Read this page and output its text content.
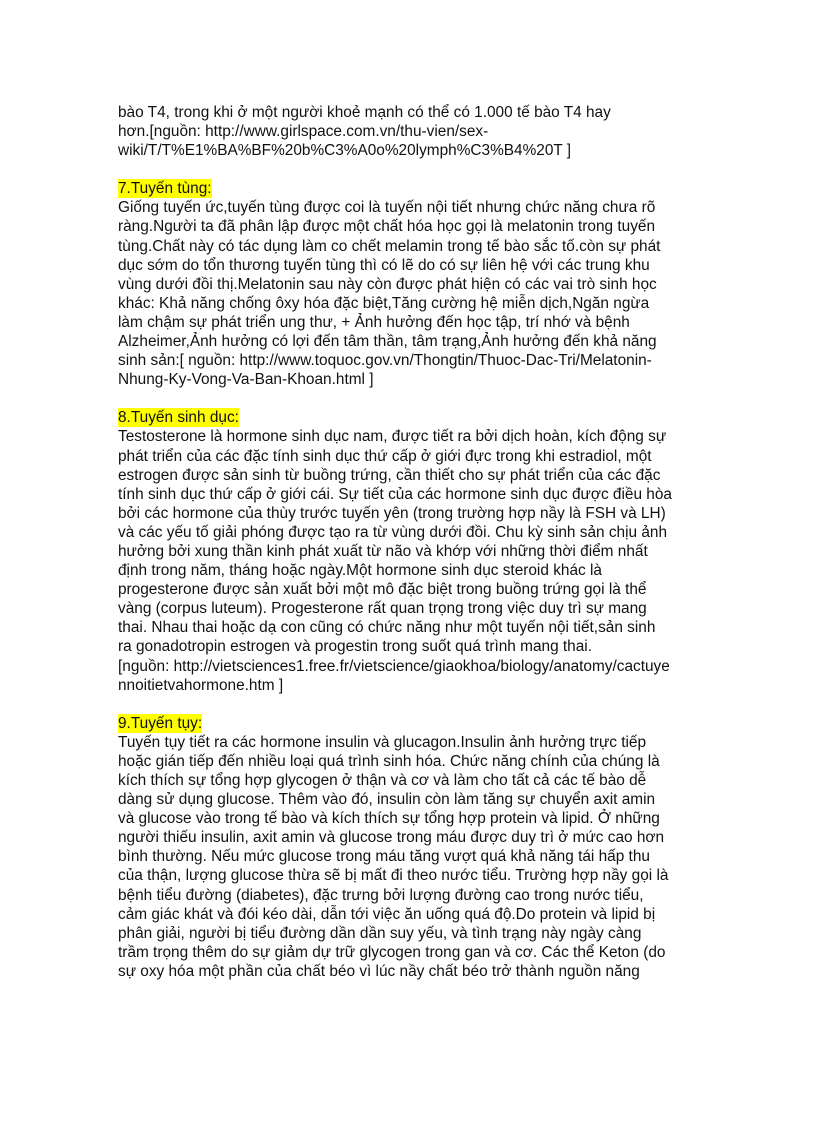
bào T4, trong khi ở một người khoẻ mạnh có thể có 1.000 tế bào T4 hay
hơn.[nguồn: http://www.girlspace.com.vn/thu-vien/sex-
wiki/T/T%E1%BA%BF%20b%C3%A0o%20lymph%C3%B4%20T ]
7.Tuyến tùng:
Giống tuyến ức,tuyến tùng được coi là tuyến nội tiết nhưng chức năng chưa rõ
ràng.Người ta đã phân lập được một chất hóa học gọi là melatonin trong tuyến
tùng.Chất này có tác dụng làm co chết melamin trong tế bào sắc tố.còn sự phát
dục sớm do tổn thương tuyến tùng thì có lẽ do có sự liên hệ với các trung khu
vùng dưới đồi thị.Melatonin sau này còn được phát hiện có các vai trò sinh học
khác: Khả năng chống ôxy hóa đặc biệt,Tăng cường hệ miễn dịch,Ngăn ngừa
làm chậm sự phát triển ung thư, + Ảnh hưởng đến học tập, trí nhớ và bệnh
Alzheimer,Ảnh hưởng có lợi đến tâm thần, tâm trạng,Ảnh hưởng đến khả năng
sinh sản:[ nguồn: http://www.toquoc.gov.vn/Thongtin/Thuoc-Dac-Tri/Melatonin-
Nhung-Ky-Vong-Va-Ban-Khoan.html ]
8.Tuyến sinh dục:
Testosterone là hormone sinh dục nam, được tiết ra bởi dịch hoàn, kích động sự
phát triển của các đặc tính sinh dục thứ cấp ở giới đực trong khi estradiol, một
estrogen được sản sinh từ buồng trứng, cần thiết cho sự phát triển của các đặc
tính sinh dục thứ cấp ở giới cái. Sự tiết của các hormone sinh dục được điều hòa
bởi các hormone của thùy trước tuyến yên (trong trường hợp nầy là FSH và LH)
và các yếu tố giải phóng được tạo ra từ vùng dưới đồi. Chu kỳ sinh sản chịu ảnh
hưởng bởi xung thần kinh phát xuất từ não và khớp với những thời điểm nhất
định trong năm, tháng hoặc ngày.Một hormone sinh dục steroid khác là
progesterone được sản xuất bởi một mô đặc biệt trong buồng trứng gọi là thể
vàng (corpus luteum). Progesterone rất quan trọng trong việc duy trì sự mang
thai. Nhau thai hoặc dạ con cũng có chức năng như một tuyến nội tiết,sản sinh
ra gonadotropin estrogen và progestin trong suốt quá trình mang thai.
[nguồn: http://vietsciences1.free.fr/vietscience/giaokhoa/biology/anatomy/cactuye
nnoitietvahormone.htm ]
9.Tuyến tụy:
Tuyến tụy tiết ra các hormone insulin và glucagon.Insulin ảnh hưởng trực tiếp
hoặc gián tiếp đến nhiều loại quá trình sinh hóa. Chức năng chính của chúng là
kích thích sự tổng hợp glycogen ở thận và cơ và làm cho tất cả các tế bào dễ
dàng sử dụng glucose. Thêm vào đó, insulin còn làm tăng sự chuyển axit amin
và glucose vào trong tế bào và kích thích sự tổng hợp protein và lipid. Ở những
người thiếu insulin, axit amin và glucose trong máu được duy trì ở mức cao hơn
bình thường. Nếu mức glucose trong máu tăng vượt quá khả năng tái hấp thu
của thận, lượng glucose thừa sẽ bị mất đi theo nước tiểu. Trường hợp nầy gọi là
bệnh tiểu đường (diabetes), đặc trưng bởi lượng đường cao trong nước tiểu,
cảm giác khát và đói kéo dài, dẫn tới việc ăn uống quá độ.Do protein và lipid bị
phân giải, người bị tiểu đường dần dần suy yếu, và tình trạng này ngày càng
trầm trọng thêm do sự giảm dự trữ glycogen trong gan và cơ. Các thể Keton (do
sự oxy hóa một phần của chất béo vì lúc nầy chất béo trở thành nguồn năng
